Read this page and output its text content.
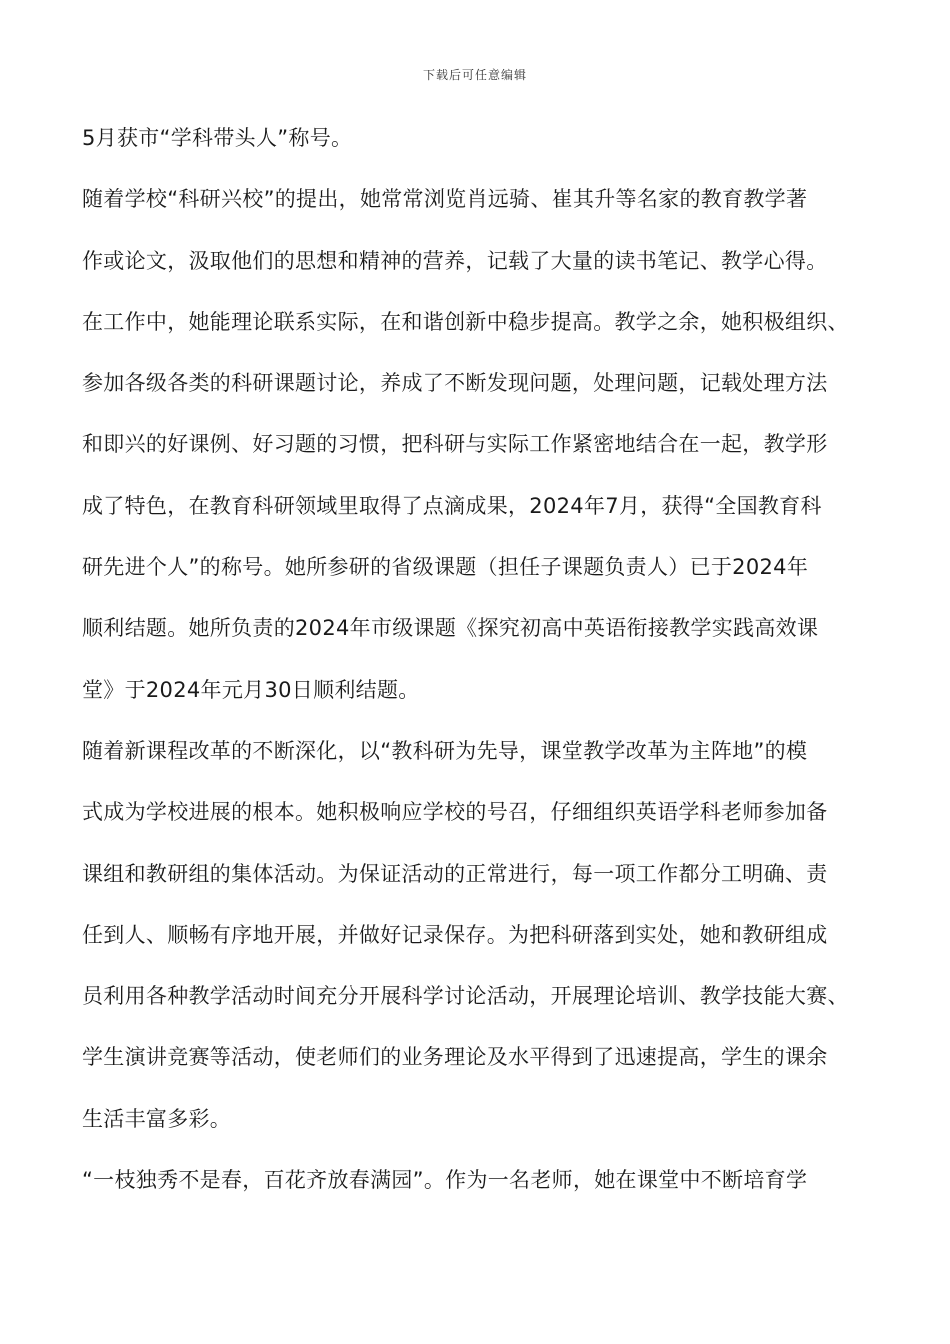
下载后可任意编辑
5月获市“学科带头人”称号。
随着学校“科研兴校”的提出，她常常浏览肖远骑、崔其升等名家的教育教学著
作或论文，汲取他们的思想和精神的营养，记载了大量的读书笔记、教学心得。
在工作中，她能理论联系实际，在和谐创新中稳步提高。教学之余，她积极组织、
参加各级各类的科研课题讨论，养成了不断发现问题，处理问题，记载处理方法
和即兴的好课例、好习题的习惯，把科研与实际工作紧密地结合在一起，教学形
成了特色，在教育科研领域里取得了点滴成果，2024年7月，获得“全国教育科
研先进个人”的称号。她所参研的省级课题（担任子课题负责人）已于2024年
顺利结题。她所负责的2024年市级课题《探究初高中英语衔接教学实践高效课
堂》于2024年元月30日顺利结题。
随着新课程改革的不断深化，以“教科研为先导，课堂教学改革为主阵地”的模
式成为学校进展的根本。她积极响应学校的号召，仔细组织英语学科老师参加备
课组和教研组的集体活动。为保证活动的正常进行，每一项工作都分工明确、责
任到人、顺畅有序地开展，并做好记录保存。为把科研落到实处，她和教研组成
员利用各种教学活动时间充分开展科学讨论活动，开展理论培训、教学技能大赛、
学生演讲竞赛等活动，使老师们的业务理论及水平得到了迅速提高，学生的课余
生活丰富多彩。
“一枝独秀不是春，百花齐放春满园”。作为一名老师，她在课堂中不断培育学
